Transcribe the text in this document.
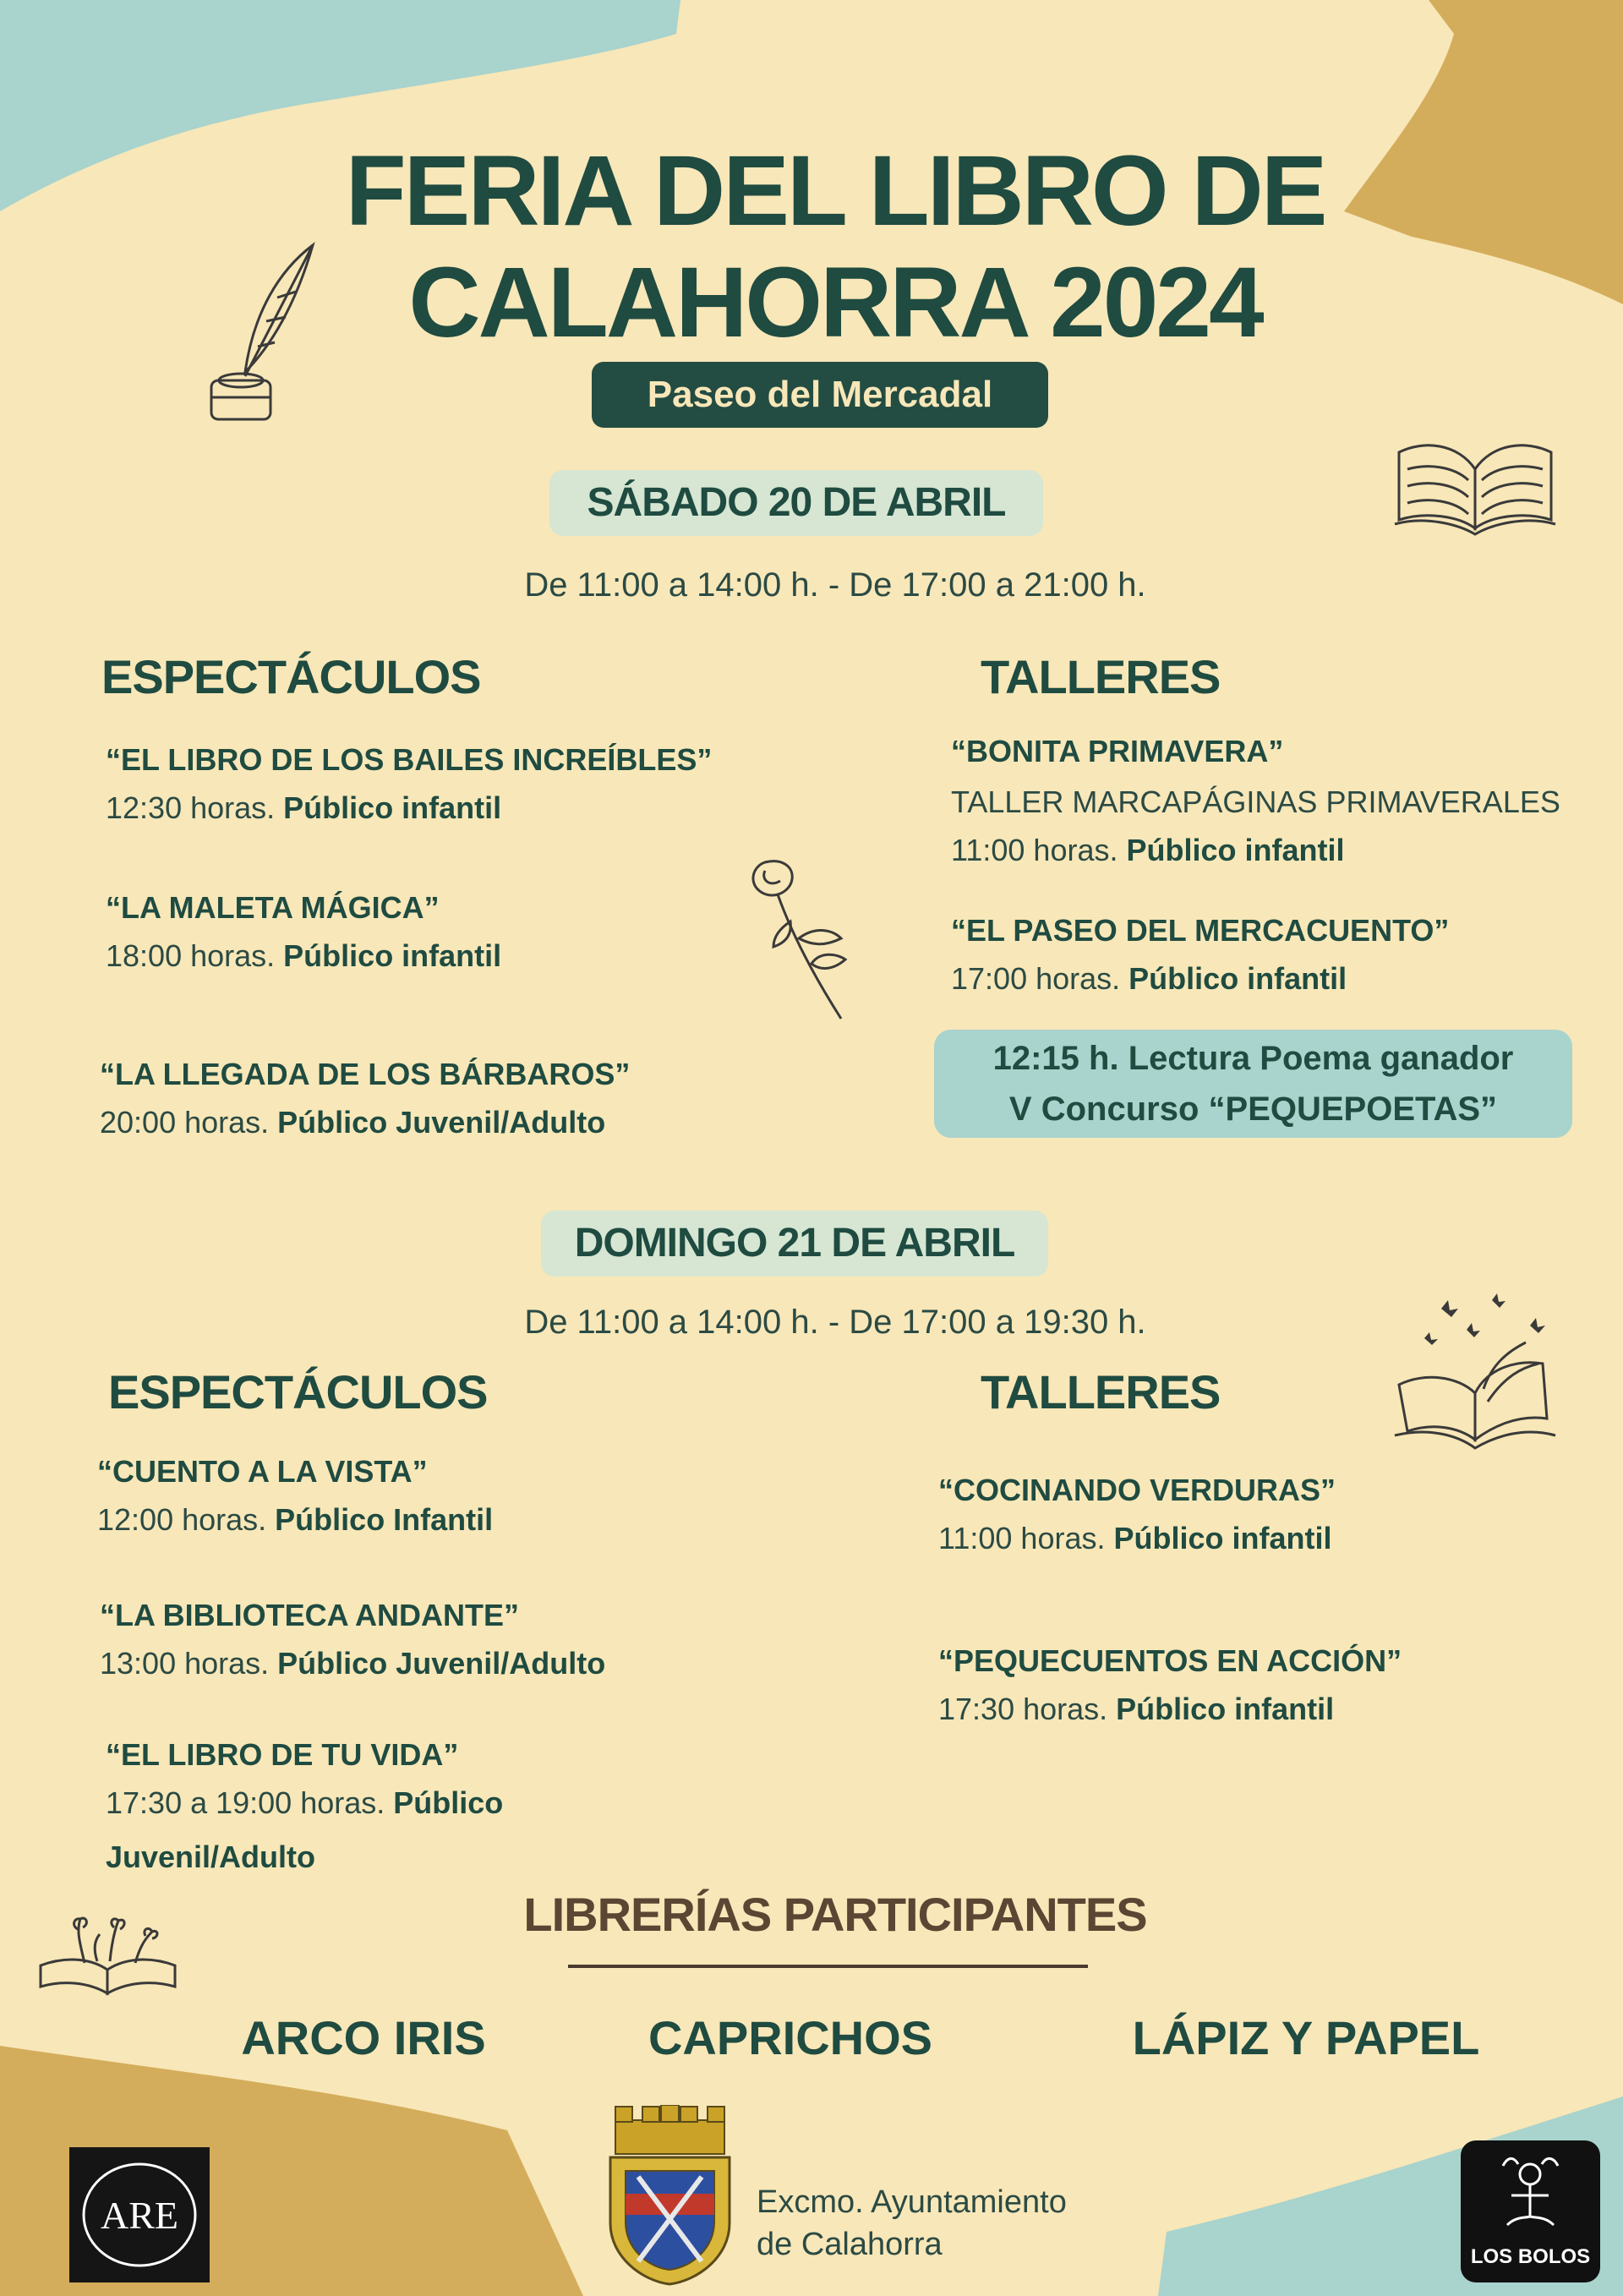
FERIA DEL LIBRO DE
CALAHORRA 2024
Paseo del Mercadal
SÁBADO 20 DE ABRIL
De 11:00 a 14:00 h. - De 17:00 a 21:00 h.
ESPECTÁCULOS	TALLERES
“EL LIBRO DE LOS BAILES INCREÍBLES”
12:30 horas. Público infantil
“LA MALETA MÁGICA”
18:00 horas. Público infantil
“LA LLEGADA DE LOS BÁRBAROS”
20:00 horas. Público Juvenil/Adulto
“BONITA PRIMAVERA”
TALLER MARCAPÁGINAS PRIMAVERALES
11:00 horas. Público infantil
“EL PASEO DEL MERCACUENTO”
17:00 horas. Público infantil
12:15 h. Lectura Poema ganador
V Concurso “PEQUEPOETAS”
DOMINGO 21 DE ABRIL
De 11:00 a 14:00 h. - De 17:00 a 19:30 h.
ESPECTÁCULOS	TALLERES
“CUENTO A LA VISTA”
12:00 horas. Público Infantil
“LA BIBLIOTECA ANDANTE”
13:00 horas. Público Juvenil/Adulto
“EL LIBRO DE TU VIDA”
17:30 a 19:00 horas. Público
Juvenil/Adulto
“COCINANDO VERDURAS”
11:00 horas. Público infantil
“PEQUECUENTOS EN ACCIÓN”
17:30 horas. Público infantil
LIBRERÍAS PARTICIPANTES
ARCO IRIS	CAPRICHOS	LÁPIZ Y PAPEL
ARE	Excmo. Ayuntamiento
de Calahorra	LOS BOLOS
